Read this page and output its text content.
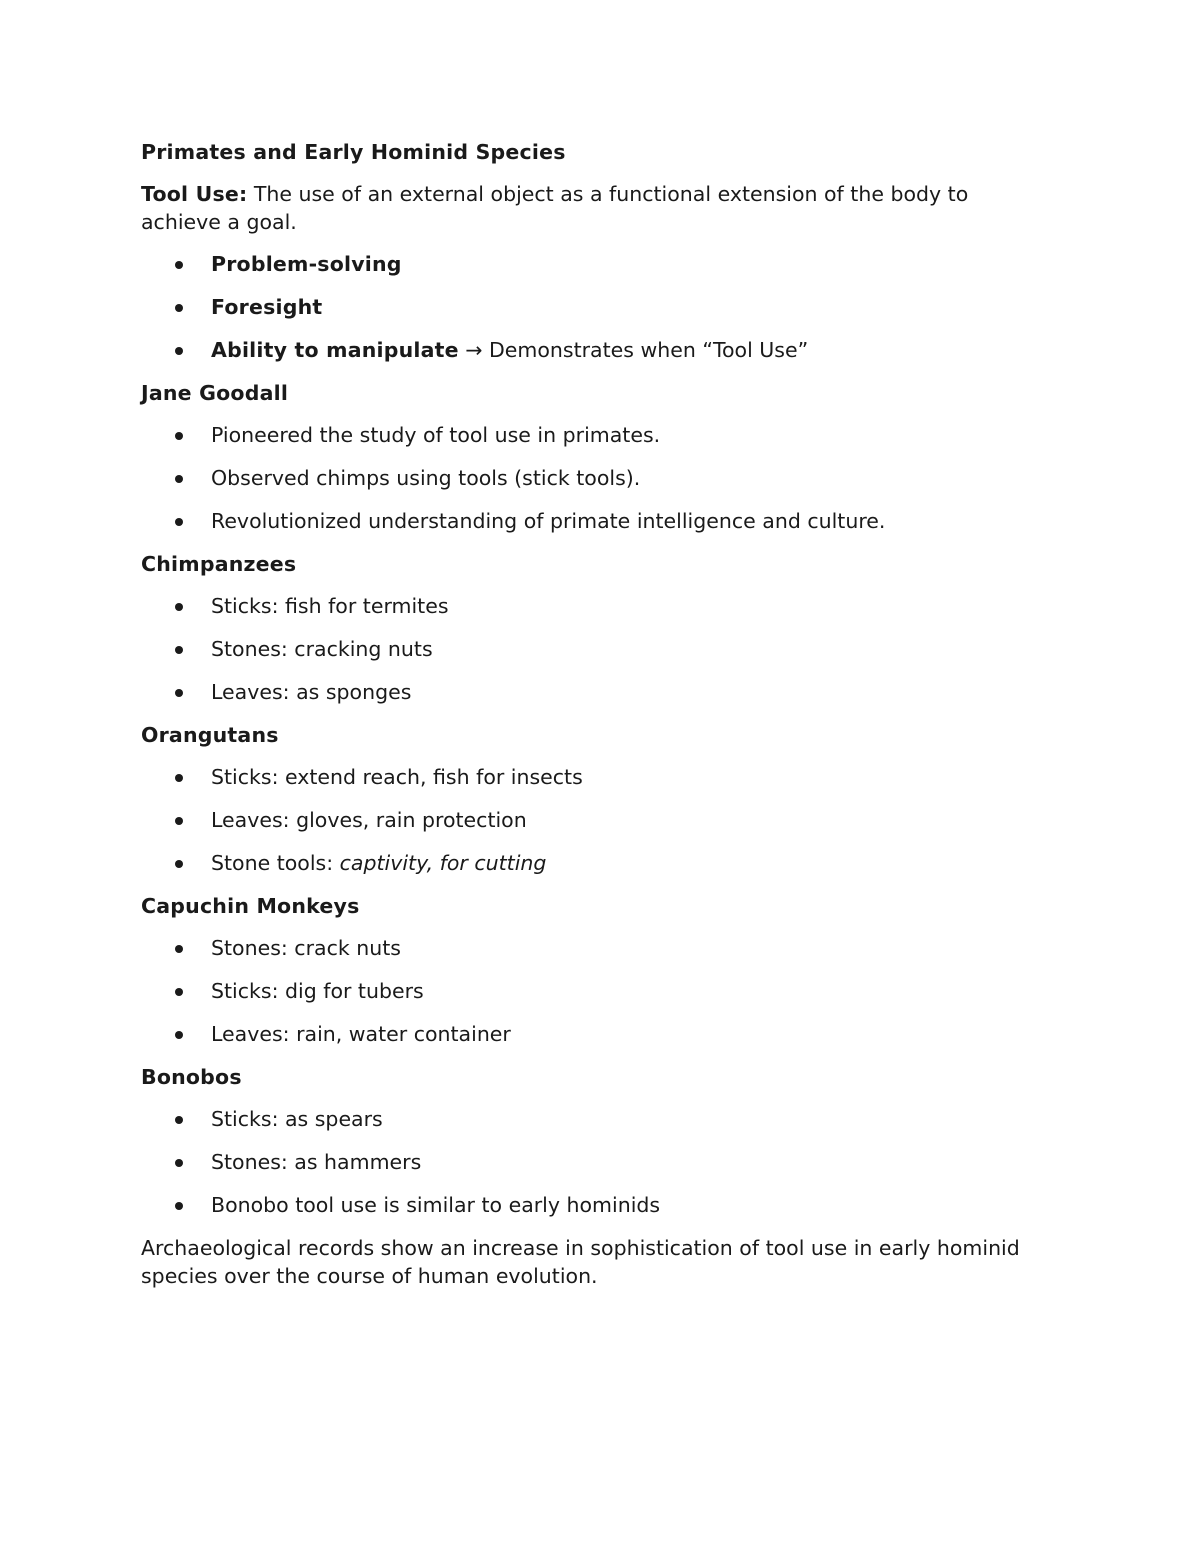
Primates and Early Hominid Species
Tool Use: The use of an external object as a functional extension of the body to achieve a goal.
Problem-solving
Foresight
Ability to manipulate → Demonstrates when “Tool Use”
Jane Goodall
Pioneered the study of tool use in primates.
Observed chimps using tools (stick tools).
Revolutionized understanding of primate intelligence and culture.
Chimpanzees
Sticks: fish for termites
Stones: cracking nuts
Leaves: as sponges
Orangutans
Sticks: extend reach, fish for insects
Leaves: gloves, rain protection
Stone tools: captivity, for cutting
Capuchin Monkeys
Stones: crack nuts
Sticks: dig for tubers
Leaves: rain, water container
Bonobos
Sticks: as spears
Stones: as hammers
Bonobo tool use is similar to early hominids
Archaeological records show an increase in sophistication of tool use in early hominid species over the course of human evolution.
